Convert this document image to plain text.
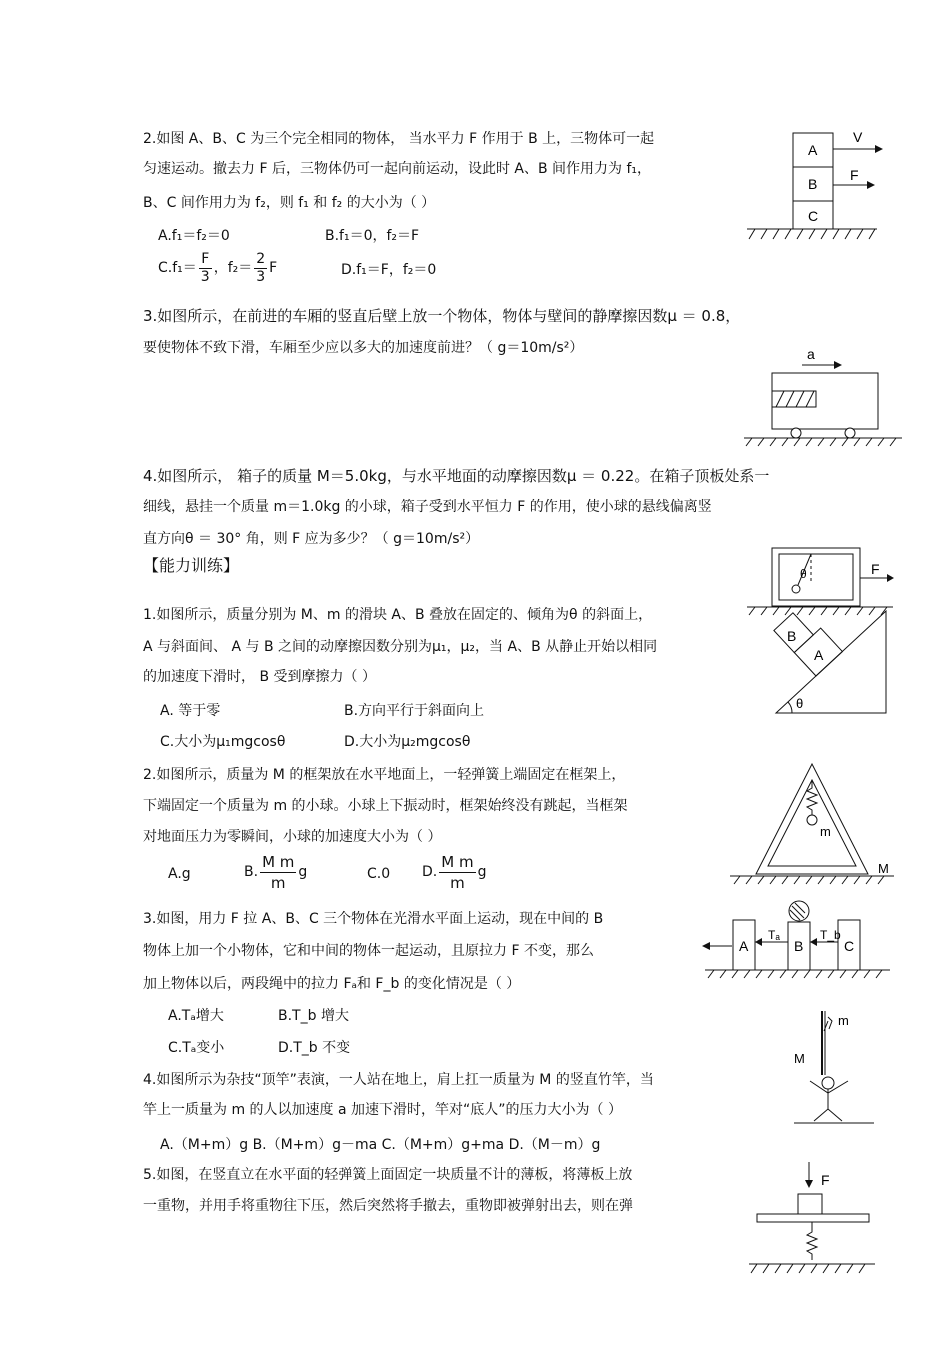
2.如图 A、B、C 为三个完全相同的物体， 当水平力 F 作用于 B 上，三物体可一起
匀速运动。撤去力 F 后，三物体仍可一起向前运动，设此时 A、B 间作用力为 f₁，
B、C 间作用力为 f₂，则 f₁ 和 f₂ 的大小为（ ）
A.f₁＝f₂＝0	B.f₁＝0，f₂＝F
$C.f_1= \frac{F}{3}$ ，$f_2= \frac{2}{3}$ F	D.f₁＝F，f₂＝0
A
B
C
V
F
3.如图所示，在前进的车厢的竖直后壁上放一个物体，物体与壁间的静摩擦因数μ ＝ 0.8，
要使物体不致下滑，车厢至少应以多大的加速度前进？（ g＝10m/s²）	a
4.如图所示， 箱子的质量 M＝5.0kg，与水平地面的动摩擦因数μ ＝ 0.22。在箱子顶板处系一
细线，悬挂一个质量 m＝1.0kg 的小球，箱子受到水平恒力 F 的作用，使小球的悬线偏离竖
直方向θ ＝ 30° 角，则 F 应为多少？（ g＝10m/s²）
θ	F
【能力训练】
1.如图所示，质量分别为 M、m 的滑块 A、B 叠放在固定的、倾角为θ 的斜面上，
A 与斜面间、 A 与 B 之间的动摩擦因数分别为μ₁，μ₂，当 A、B 从静止开始以相同
的加速度下滑时， B 受到摩擦力（ ）
A. 等于零	B.方向平行于斜面向上
C.大小为μ₁mgcosθ	D.大小为μ₂mgcosθ
A
B
θ
2.如图所示，质量为 M 的框架放在水平地面上，一轻弹簧上端固定在框架上，
下端固定一个质量为 m 的小球。小球上下振动时，框架始终没有跳起，当框架
对地面压力为零瞬间，小球的加速度大小为（ ）
A.g	B. $\frac{\text{M m}}{m}$ g	C.0 D. $\frac{\text{M m}}{m}$ g
m
M
3.如图，用力 F 拉 A、B、C 三个物体在光滑水平面上运动，现在中间的 B
物体上加一个小物体，它和中间的物体一起运动，且原拉力 F 不变，那么
加上物体以后，两段绳中的拉力 Fₐ和 F_b 的变化情况是（ ）
A.Tₐ增大	B.T_b 增大
C.Tₐ变小	D.T_b 不变
A
Tₐ
B
T_b
C
4.如图所示为杂技“顶竿”表演，一人站在地上，肩上扛一质量为 M 的竖直竹竿，当
竿上一质量为 m 的人以加速度 a 加速下滑时，竿对“底人”的压力大小为（ ）
A.（M+m）g B.（M+m）g－ma C.（M+m）g+ma D.（M－m）g
m
M
5.如图，在竖直立在水平面的轻弹簧上面固定一块质量不计的薄板，将薄板上放
一重物，并用手将重物往下压，然后突然将手撤去，重物即被弹射出去，则在弹
F
